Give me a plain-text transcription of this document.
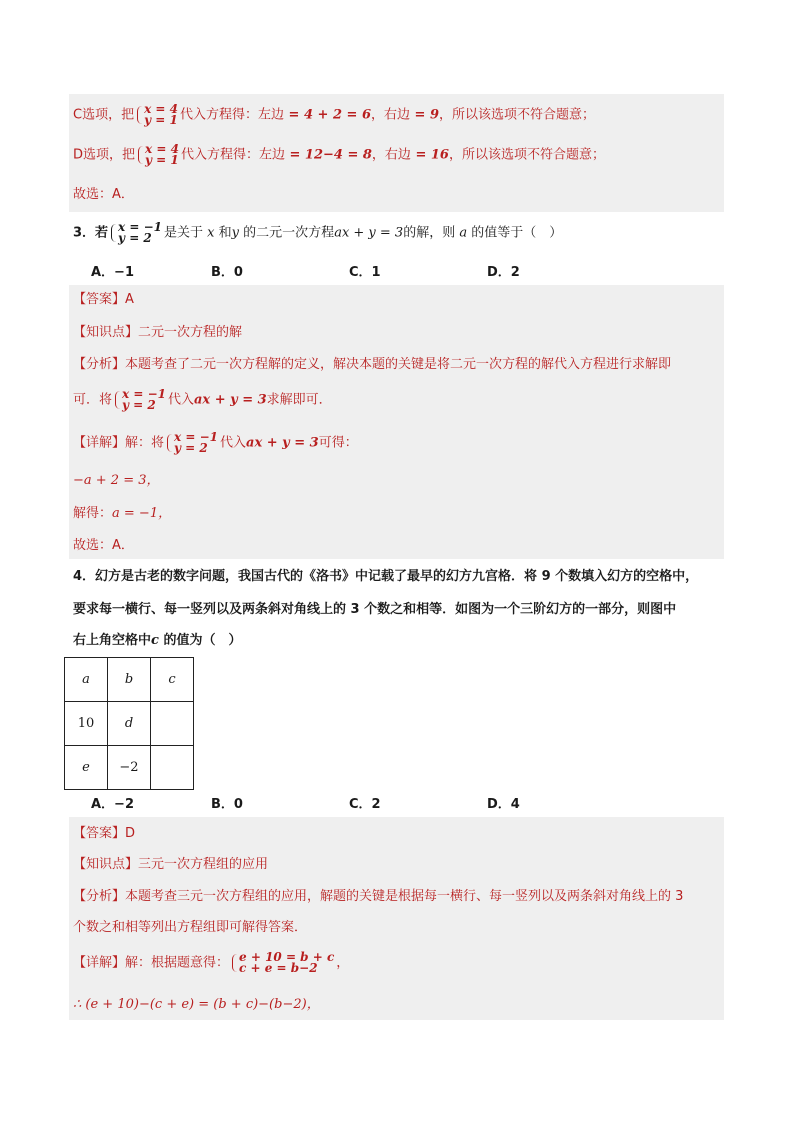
C选项，把 x = 4
y = 1 代入方程得：左边 = 4 + 2 = 6，右边 = 9，所以该选项不符合题意；
D选项，把 x = 4
y = 1 代入方程得：左边 = 12−4 = 8，右边 = 16，所以该选项不符合题意；
故选：A．
3．若 x = −1
y = 2 是关于 x 和y 的二元一次方程ax + y = 3的解，则 a 的值等于（　）
A．−1	B．0	C．1	D．2
【答案】A
【知识点】二元一次方程的解
【分析】本题考查了二元一次方程解的定义，解决本题的关键是将二元一次方程的解代入方程进行求解即
可．将 x = −1
y = 2 代入ax + y = 3求解即可．
【详解】解：将 x = −1
y = 2 代入ax + y = 3可得：
−a + 2 = 3，
解得：a = −1，
故选：A．
4．幻方是古老的数字问题，我国古代的《洛书》中记载了最早的幻方九宫格．将 9 个数填入幻方的空格中，
要求每一横行、每一竖列以及两条斜对角线上的 3 个数之和相等．如图为一个三阶幻方的一部分，则图中
右上角空格中c 的值为（　）
a	b	c
10	d	
e	−2	
A．−2	B．0	C．2	D．4
【答案】D
【知识点】三元一次方程组的应用
【分析】本题考查三元一次方程组的应用，解题的关键是根据每一横行、每一竖列以及两条斜对角线上的 3
个数之和相等列出方程组即可解得答案．
【详解】解：根据题意得： e + 10 = b + c
c + e = b−2	，
∴ (e + 10)−(c + e) = (b + c)−(b−2)，
